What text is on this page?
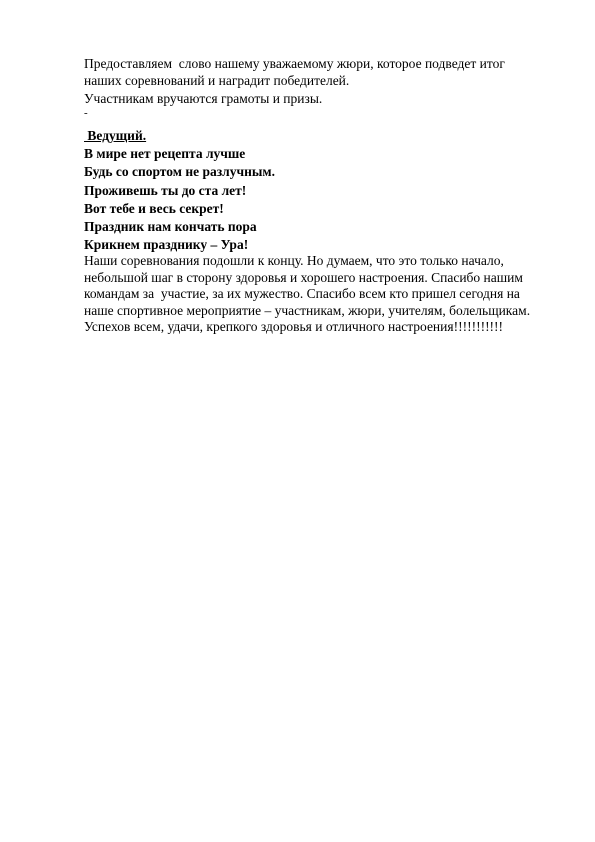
Предоставляем  слово нашему уважаемому жюри, которое подведет итог
наших соревнований и наградит победителей.
Участникам вручаются грамоты и призы.
-
Ведущий.
В мире нет рецепта лучше
Будь со спортом не разлучным.
Проживешь ты до ста лет!
Вот тебе и весь секрет!
Праздник нам кончать пора
Крикнем празднику – Ура!
Наши соревнования подошли к концу. Но думаем, что это только начало,
небольшой шаг в сторону здоровья и хорошего настроения. Спасибо нашим
командам за  участие, за их мужество. Спасибо всем кто пришел сегодня на
наше спортивное мероприятие – участникам, жюри, учителям, болельщикам.
Успехов всем, удачи, крепкого здоровья и отличного настроения!!!!!!!!!!!
